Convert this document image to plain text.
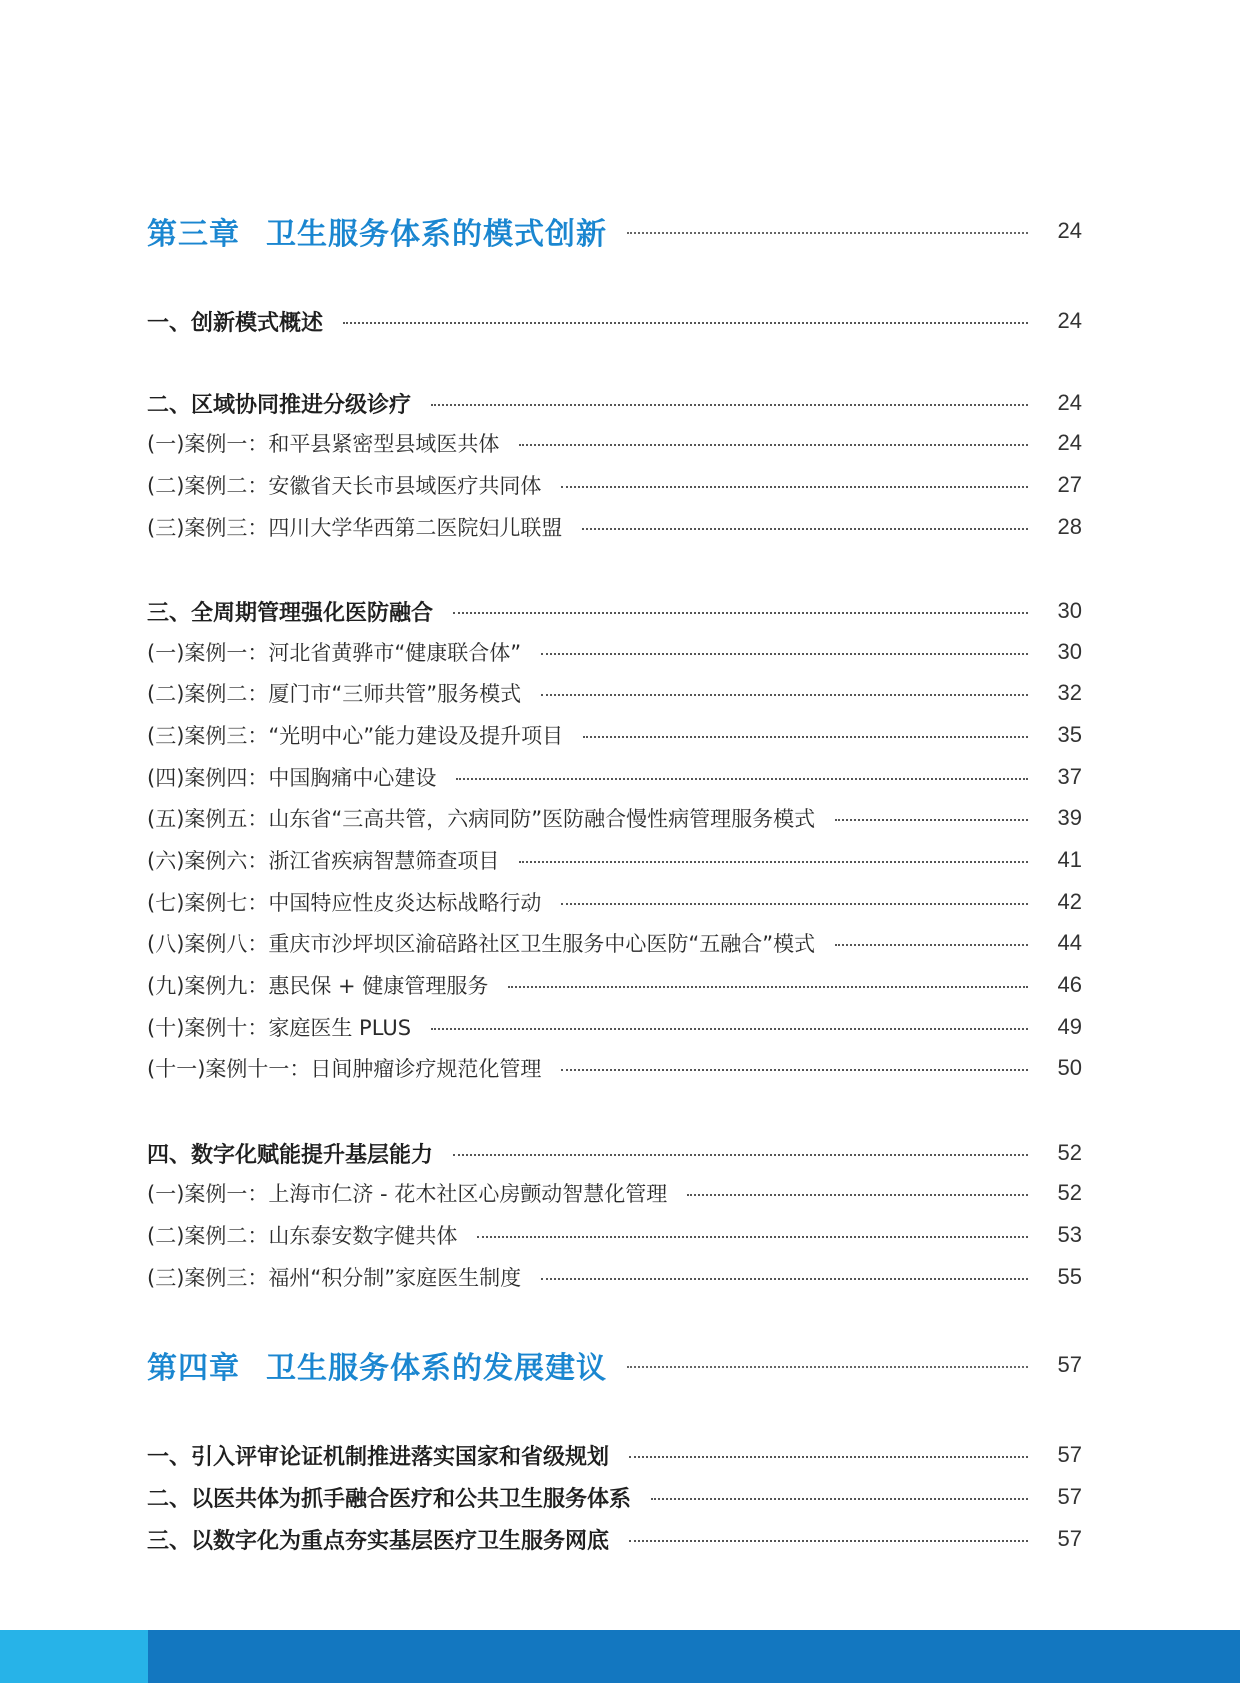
第三章 卫生服务体系的模式创新	24
一、创新模式概述	24
二、区域协同推进分级诊疗	24
(一)案例一：和平县紧密型县域医共体	24
(二)案例二：安徽省天长市县域医疗共同体	27
(三)案例三：四川大学华西第二医院妇儿联盟	28
三、全周期管理强化医防融合	30
(一)案例一：河北省黄骅市“健康联合体”	30
(二)案例二：厦门市“三师共管”服务模式	32
(三)案例三：“光明中心”能力建设及提升项目	35
(四)案例四：中国胸痛中心建设	37
(五)案例五：山东省“三高共管，六病同防”医防融合慢性病管理服务模式	39
(六)案例六：浙江省疾病智慧筛查项目	41
(七)案例七：中国特应性皮炎达标战略行动	42
(八)案例八：重庆市沙坪坝区渝碚路社区卫生服务中心医防“五融合”模式	44
(九)案例九：惠民保 + 健康管理服务	46
(十)案例十：家庭医生 PLUS	49
(十一)案例十一：日间肿瘤诊疗规范化管理	50
四、数字化赋能提升基层能力	52
(一)案例一：上海市仁济 - 花木社区心房颤动智慧化管理	52
(二)案例二：山东泰安数字健共体	53
(三)案例三：福州“积分制”家庭医生制度	55
第四章 卫生服务体系的发展建议	57
一、引入评审论证机制推进落实国家和省级规划	57
二、以医共体为抓手融合医疗和公共卫生服务体系	57
三、以数字化为重点夯实基层医疗卫生服务网底	57
